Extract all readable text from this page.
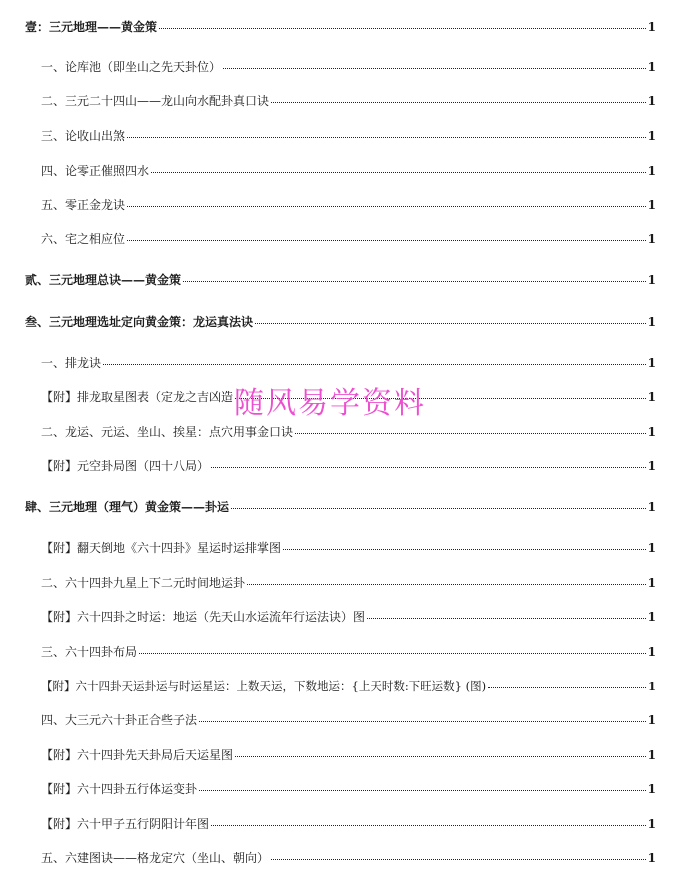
壹：三元地理——黄金策	1
一、论库池（即坐山之先天卦位）	1
二、三元二十四山——龙山向水配卦真口诀	1
三、论收山出煞	1
四、论零正催照四水	1
五、零正金龙诀	1
六、宅之相应位	1
贰、三元地理总诀——黄金策	1
叁、三元地理选址定向黄金策：龙运真法诀	1
一、排龙诀	1
【附】排龙取星图表（定龙之吉凶造	1
二、龙运、元运、坐山、挨星：点穴用事金口诀	1
【附】元空卦局图（四十八局）	1
肆、三元地理（理气）黄金策——卦运	1
【附】翻天倒地《六十四卦》星运时运排掌图	1
二、六十四卦九星上下二元时间地运卦	1
【附】六十四卦之时运：地运（先天山水运流年行运法诀）图	1
三、六十四卦布局	1
【附】六十四卦天运卦运与时运星运：上数天运，下数地运：{上天时数:下旺运数} (图)	1
四、大三元六十卦正合些子法	1
【附】六十四卦先天卦局后天运星图	1
【附】六十四卦五行体运变卦	1
【附】六十甲子五行阴阳计年图	1
五、六建图诀——格龙定穴（坐山、朝向）	1
随风易学资料
